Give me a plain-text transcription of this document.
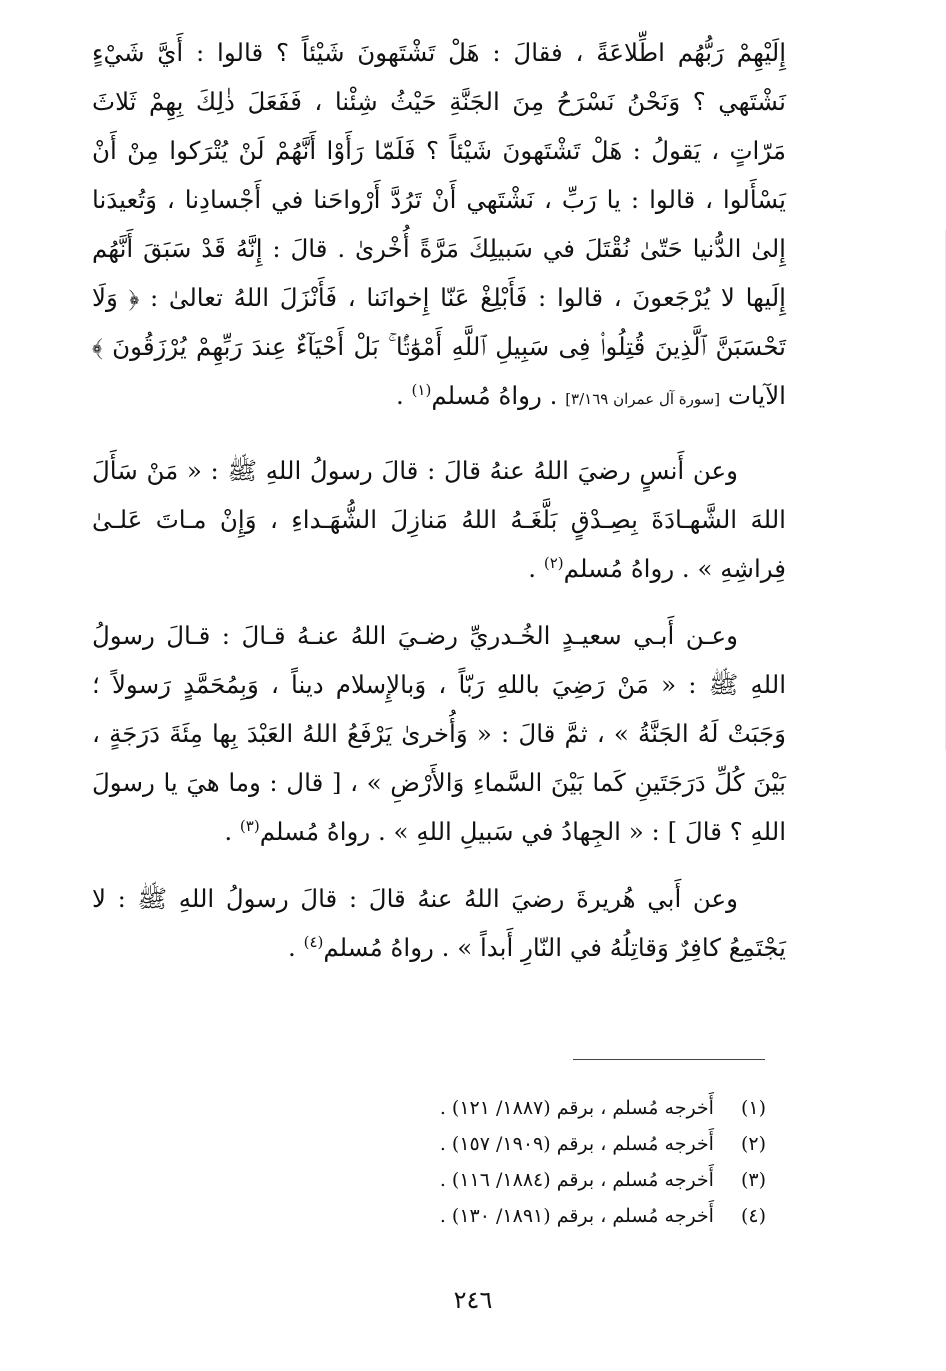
إِلَيْهِمْ رَبُّهُم اطِّلاعَةً ، فقالَ : هَلْ تَشْتَهونَ شَيْئاً ؟ قالوا : أَيَّ شَيْءٍ نَشْتَهي ؟ وَنَحْنُ نَسْرَحُ مِنَ الجَنَّةِ حَيْثُ شِئْنا ، فَفَعَلَ ذٰلِكَ بِهِمْ ثَلاثَ مَرّاتٍ ، يَقولُ : هَلْ تَشْتَهونَ شَيْئاً ؟ فَلَمّا رَأَوْا أَنَّهُمْ لَنْ يُتْرَكوا مِنْ أَنْ يَسْأَلوا ، قالوا : يا رَبِّ ، نَشْتَهي أَنْ تَرُدَّ أَرْواحَنا في أَجْسادِنا ، وَتُعيدَنا إِلىٰ الدُّنيا حَتّىٰ نُقْتَلَ في سَبيلِكَ مَرَّةً أُخْرىٰ . قالَ : إِنَّهُ قَدْ سَبَقَ أَنَّهُم إِلَيها لا يُرْجَعونَ ، قالوا : فَأَبْلِغْ عَنّا إِخوانَنا ، فَأَنْزَلَ اللهُ تعالىٰ : ﴿ وَلَا تَحْسَبَنَّ ٱلَّذِينَ قُتِلُوا۟ فِى سَبِيلِ ٱللَّهِ أَمْوَٰتًۢا ۚ بَلْ أَحْيَآءٌ عِندَ رَبِّهِمْ يُرْزَقُونَ ﴾ الآيات [سورة آل عمران ٣/١٦٩] . رواهُ مُسلم$^{(١)}$ .

وعن أَنسٍ رضيَ اللهُ عنهُ قالَ : قالَ رسولُ اللهِ ﷺ : « مَنْ سَأَلَ اللهَ الشَّهـادَةَ بِصِـدْقٍ بَلَّغَـهُ اللهُ مَنازِلَ الشُّهَـداءِ ، وَإِنْ مـاتَ عَلـىٰ فِراشِهِ » . رواهُ مُسلم$^{(٢)}$ .

وعـن أَبـي سعيـدٍ الخُـدريِّ رضـيَ اللهُ عنـهُ قـالَ : قـالَ رسولُ اللهِ ﷺ : « مَنْ رَضِيَ باللهِ رَبّاً ، وَبالإِسلام ديناً ، وَبِمُحَمَّدٍ رَسولاً ؛ وَجَبَتْ لَهُ الجَنَّةُ » ، ثمَّ قالَ : « وَأُخرىٰ يَرْفَعُ اللهُ العَبْدَ بِها مِئَةَ دَرَجَةٍ ، بَيْنَ كُلِّ دَرَجَتَينِ كَما بَيْنَ السَّماءِ وَالأَرْضِ » ، [ قال : وما هيَ يا رسولَ اللهِ ؟ قالَ ] : « الجِهادُ في سَبيلِ اللهِ » . رواهُ مُسلم$^{(٣)}$ .

وعن أَبي هُريرةَ رضيَ اللهُ عنهُ قالَ : قالَ رسولُ اللهِ ﷺ : لا يَجْتَمِعُ كافِرٌ وَقاتِلُهُ في النّارِ أَبداً » . رواهُ مُسلم$^{(٤)}$ .

(١) أَخرجه مُسلم ، برقم (١٨٨٧/ ١٢١) .
(٢) أَخرجه مُسلم ، برقم (١٩٠٩/ ١٥٧) .
(٣) أَخرجه مُسلم ، برقم (١٨٨٤/ ١١٦) .
(٤) أَخرجه مُسلم ، برقم (١٨٩١/ ١٣٠) .
٢٤٦
